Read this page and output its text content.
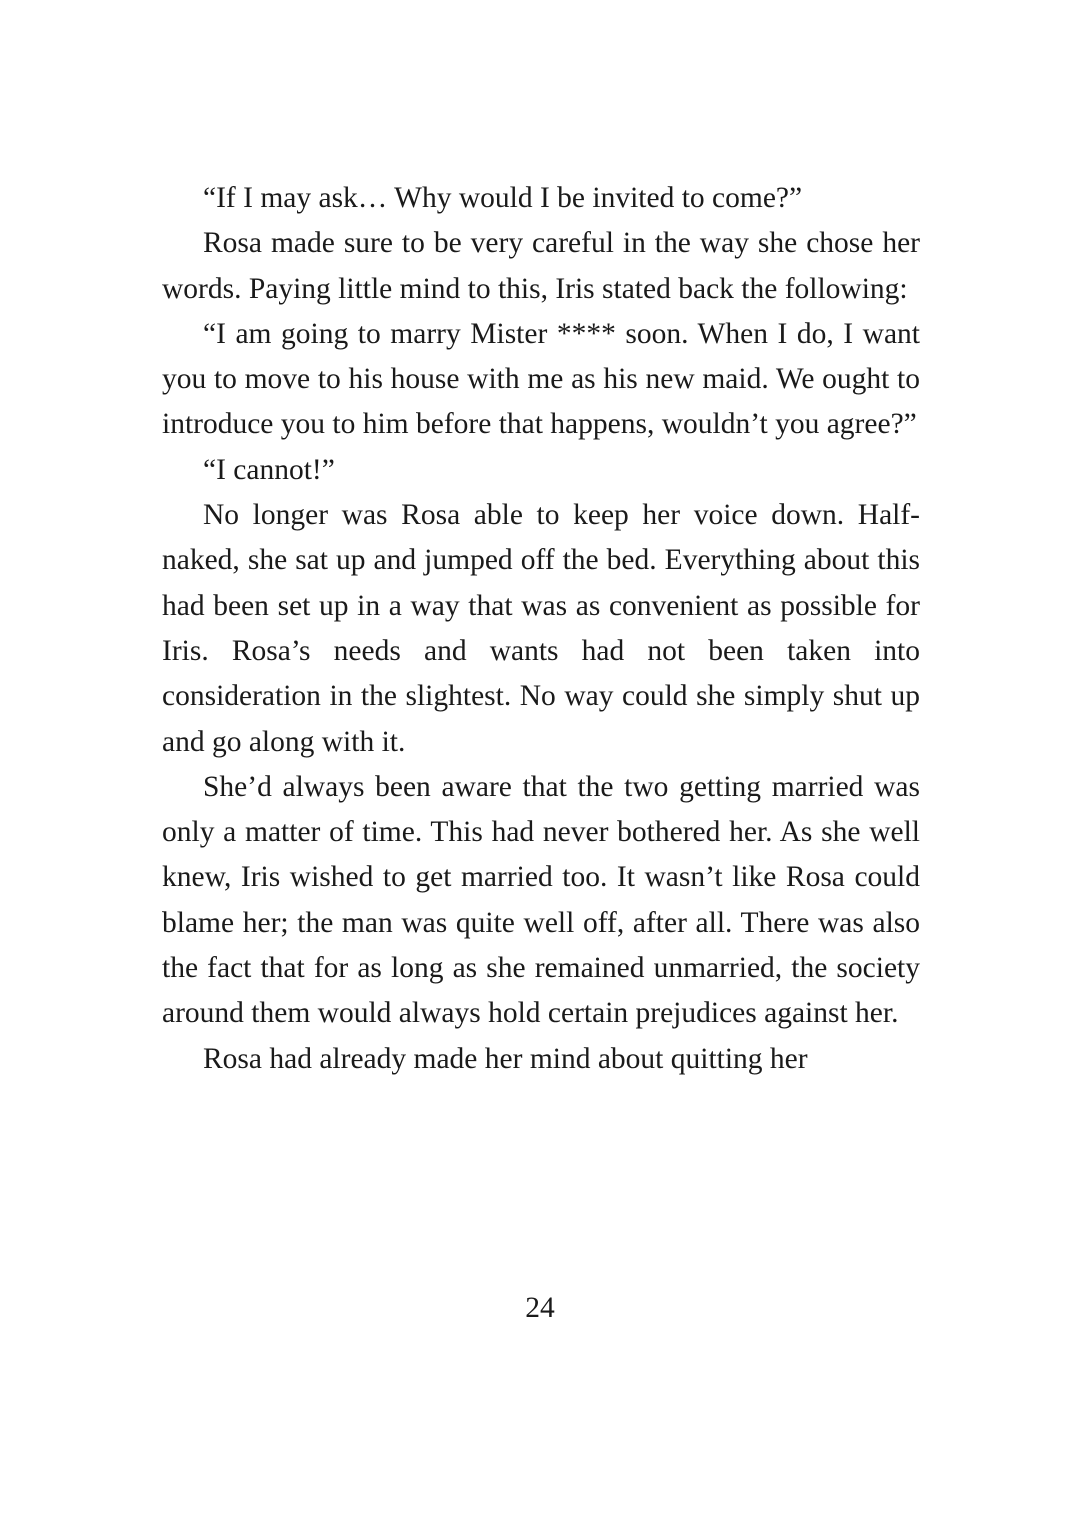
“If I may ask… Why would I be invited to come?”

Rosa made sure to be very careful in the way she chose her words. Paying little mind to this, Iris stated back the following:

“I am going to marry Mister **** soon. When I do, I want you to move to his house with me as his new maid. We ought to introduce you to him before that happens, wouldn’t you agree?”

“I cannot!”

No longer was Rosa able to keep her voice down. Half-naked, she sat up and jumped off the bed. Everything about this had been set up in a way that was as convenient as possible for Iris. Rosa’s needs and wants had not been taken into consideration in the slightest. No way could she simply shut up and go along with it.

She’d always been aware that the two getting married was only a matter of time. This had never bothered her. As she well knew, Iris wished to get married too. It wasn’t like Rosa could blame her; the man was quite well off, after all. There was also the fact that for as long as she remained unmarried, the society around them would always hold certain prejudices against her.

Rosa had already made her mind about quitting her

24
